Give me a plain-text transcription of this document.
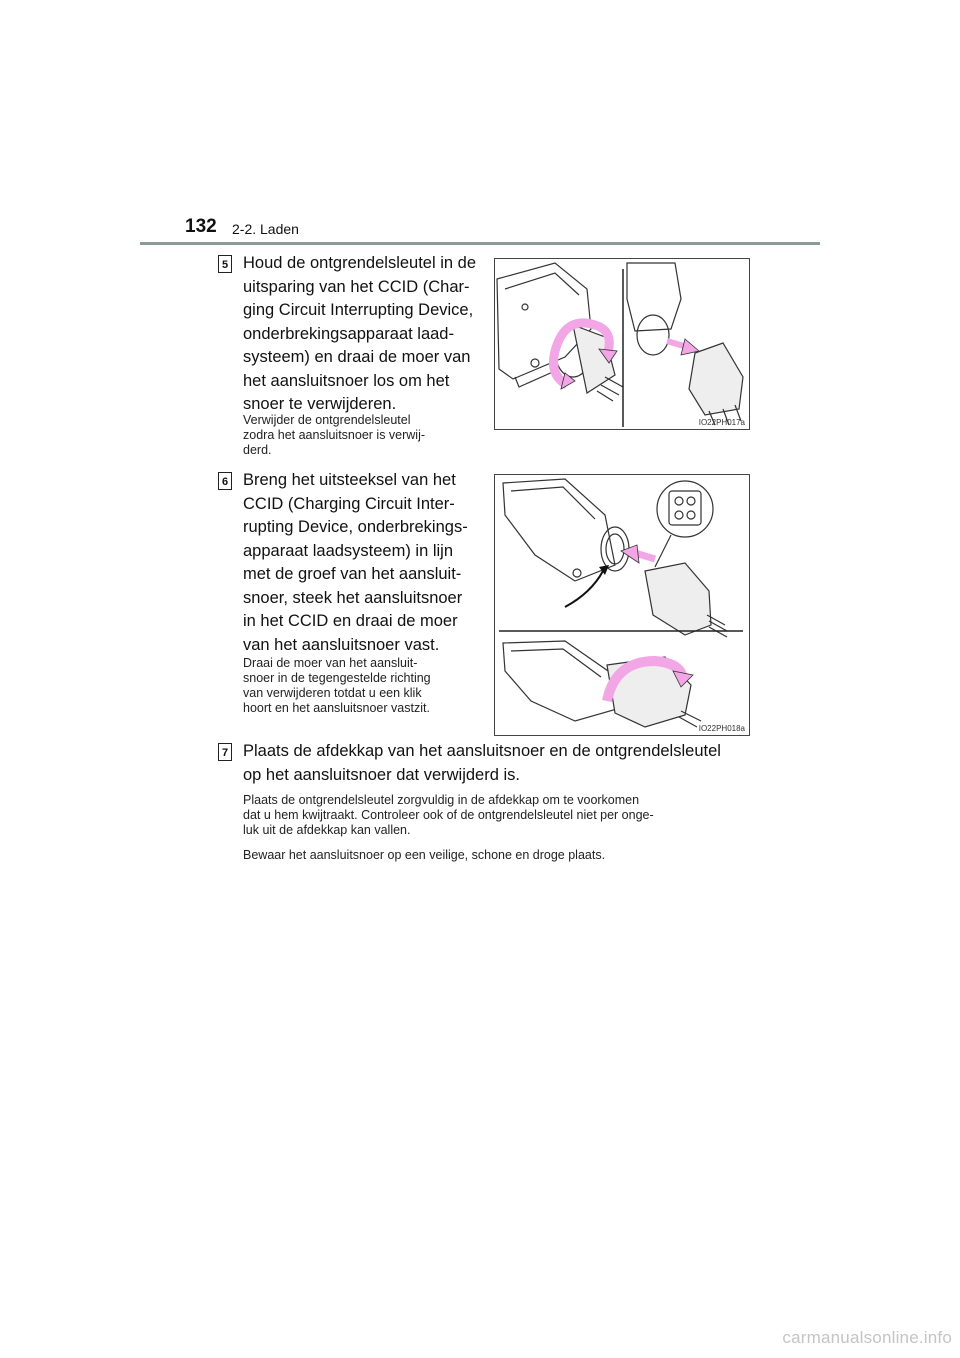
132 2-2. Laden
5 Houd de ontgrendelsleutel in de
uitsparing van het CCID (Char-
ging Circuit Interrupting Device,
onderbrekingsapparaat laad-
systeem) en draai de moer van
het aansluitsnoer los om het
snoer te verwijderen.
Verwijder de ontgrendelsleutel
zodra het aansluitsnoer is verwij-
derd.
IO22PH017a
6 Breng het uitsteeksel van het
CCID (Charging Circuit Inter-
rupting Device, onderbrekings-
apparaat laadsysteem) in lijn
met de groef van het aansluit-
snoer, steek het aansluitsnoer
in het CCID en draai de moer
van het aansluitsnoer vast.
Draai de moer van het aansluit-
snoer in de tegengestelde richting
van verwijderen totdat u een klik
hoort en het aansluitsnoer vastzit.
IO22PH018a
7 Plaats de afdekkap van het aansluitsnoer en de ontgrendelsleutel
op het aansluitsnoer dat verwijderd is.
Plaats de ontgrendelsleutel zorgvuldig in de afdekkap om te voorkomen
dat u hem kwijtraakt. Controleer ook of de ontgrendelsleutel niet per onge-
luk uit de afdekkap kan vallen.
Bewaar het aansluitsnoer op een veilige, schone en droge plaats.
carmanualsonline.info
